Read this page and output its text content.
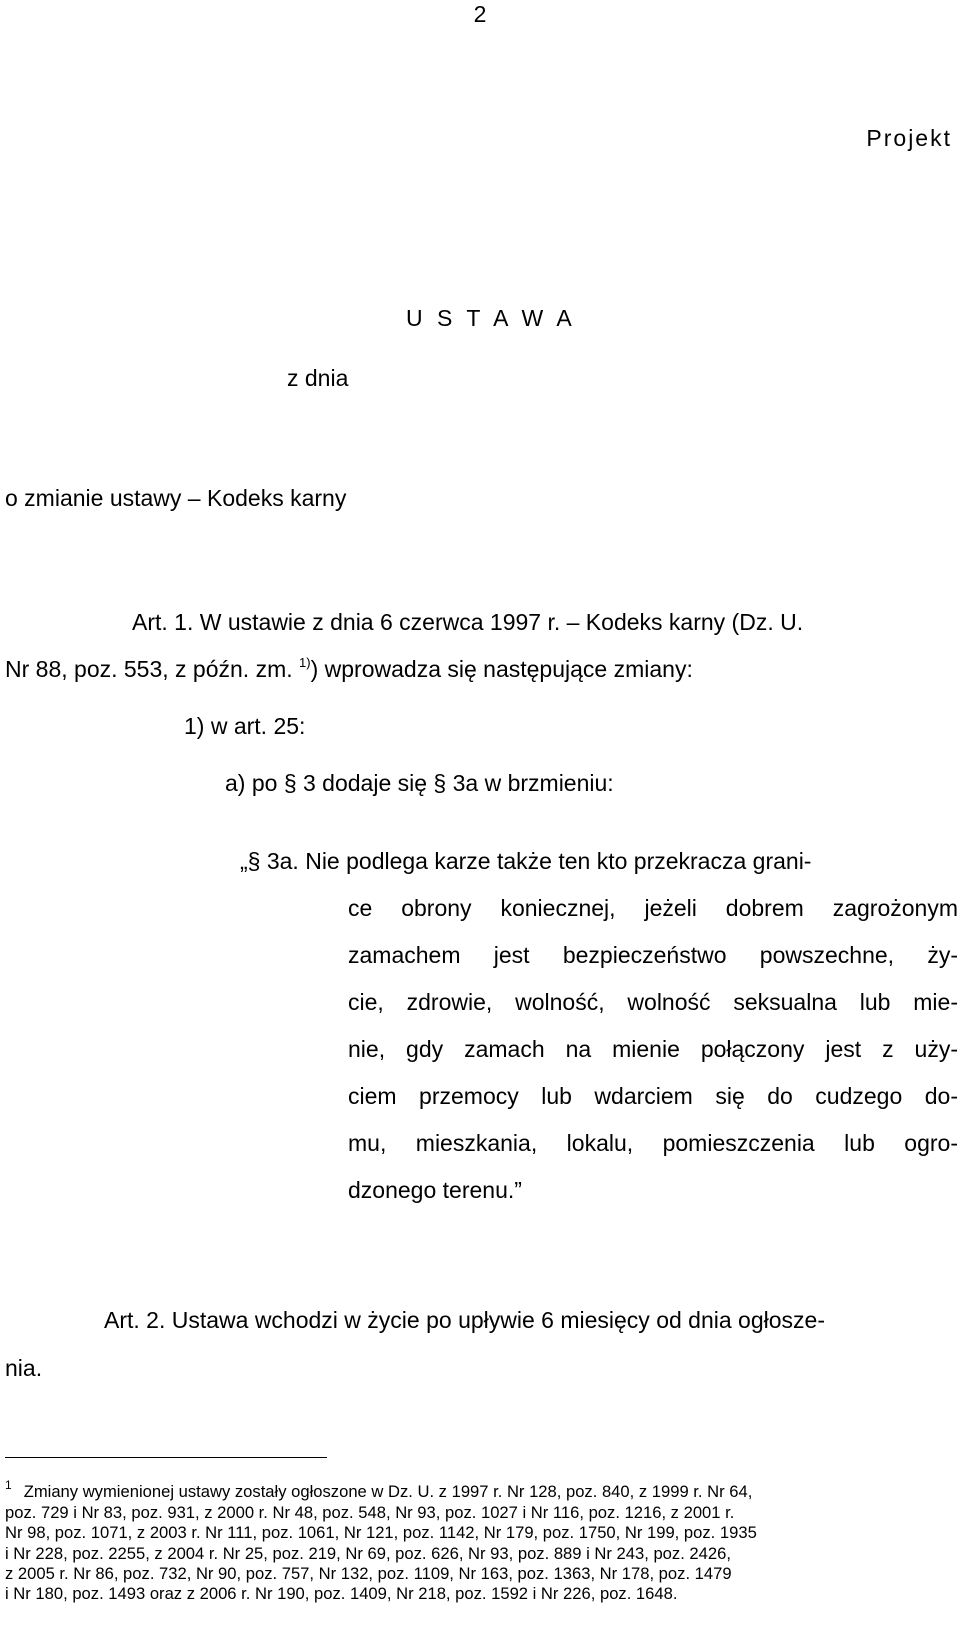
2
Projekt
U S T A W A
z dnia
o zmianie ustawy – Kodeks karny
Art. 1. W ustawie z dnia 6 czerwca 1997 r. – Kodeks karny (Dz. U.
Nr 88, poz. 553, z późn. zm. $^{1)}$) wprowadza się następujące zmiany:
1) w art. 25:
a) po § 3 dodaje się § 3a w brzmieniu:
„§ 3a. Nie podlega karze także ten kto przekracza grani-
ce obrony koniecznej, jeżeli dobrem zagrożonym
zamachem jest bezpieczeństwo powszechne, ży-
cie, zdrowie, wolność, wolność seksualna lub mie-
nie, gdy zamach na mienie połączony jest z uży-
ciem przemocy lub wdarciem się do cudzego do-
mu, mieszkania, lokalu, pomieszczenia lub ogro-
dzonego terenu.”
Art. 2. Ustawa wchodzi w życie po upływie 6 miesięcy od dnia ogłosze-
nia.
$^1$ Zmiany wymienionej ustawy zostały ogłoszone w Dz. U. z 1997 r. Nr 128, poz. 840, z 1999 r. Nr 64,
poz. 729 i Nr 83, poz. 931, z 2000 r. Nr 48, poz. 548, Nr 93, poz. 1027 i Nr 116, poz. 1216, z 2001 r.
Nr 98, poz. 1071, z 2003 r. Nr 111, poz. 1061, Nr 121, poz. 1142, Nr 179, poz. 1750, Nr 199, poz. 1935
i Nr 228, poz. 2255, z 2004 r. Nr 25, poz. 219, Nr 69, poz. 626, Nr 93, poz. 889 i Nr 243, poz. 2426,
z 2005 r. Nr 86, poz. 732, Nr 90, poz. 757, Nr 132, poz. 1109, Nr 163, poz. 1363, Nr 178, poz. 1479
i Nr 180, poz. 1493 oraz z 2006 r. Nr 190, poz. 1409, Nr 218, poz. 1592 i Nr 226, poz. 1648.
